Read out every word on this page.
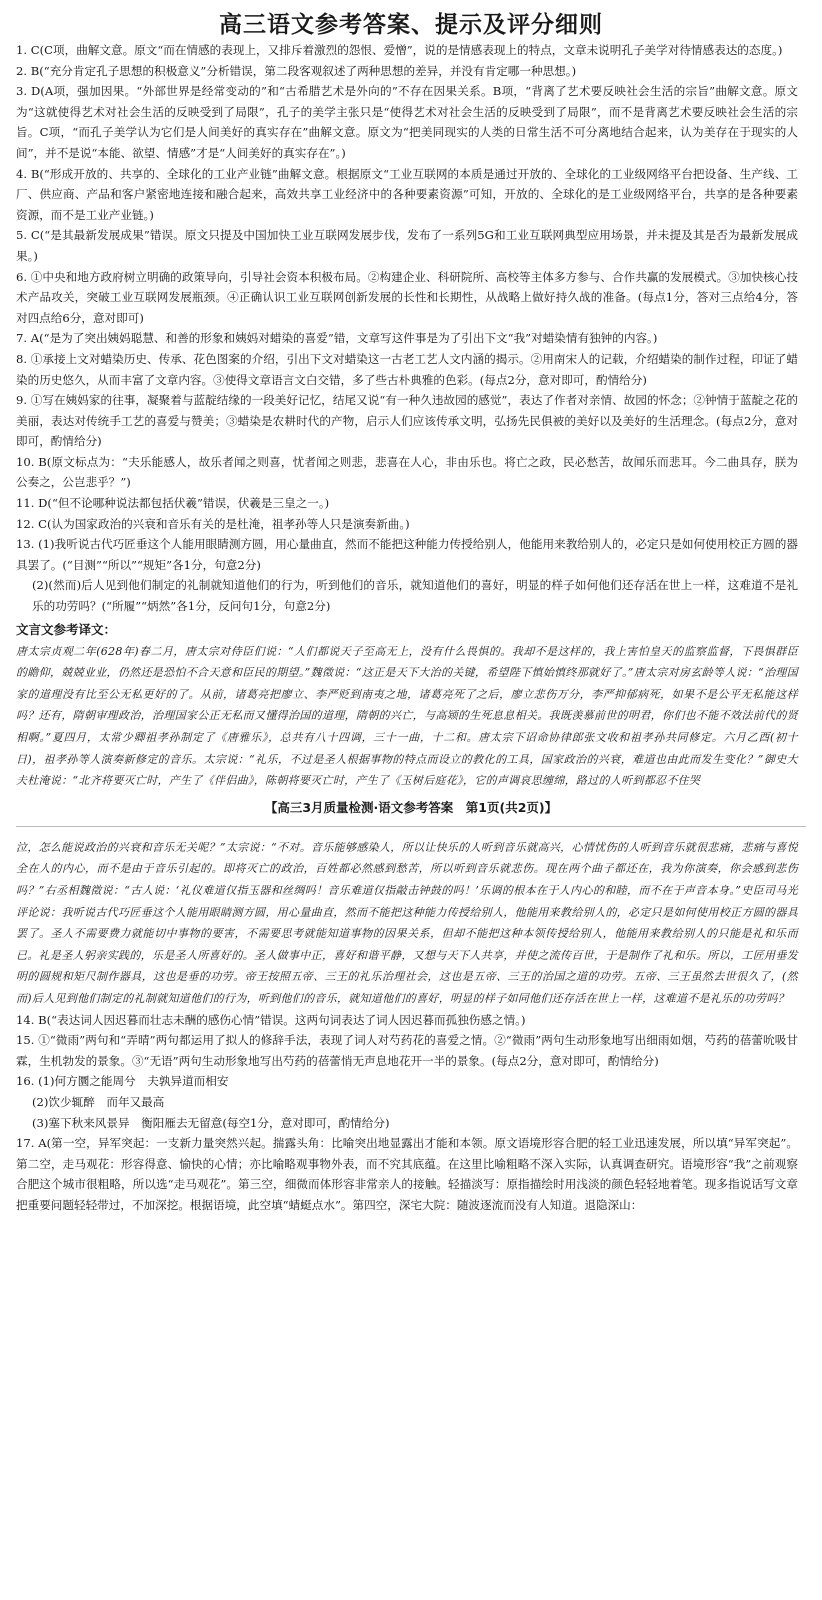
高三语文参考答案、提示及评分细则
1. C(C项，曲解文意。原文“而在情感的表现上，又排斥着激烈的怨恨、爱憎”，说的是情感表现上的特点，文章未说明孔子美学对待情感表达的态度。)
2. B(“充分肯定孔子思想的积极意义”分析错误，第二段客观叙述了两种思想的差异，并没有肯定哪一种思想。)
3. D(A项，强加因果。“外部世界是经常变动的”和“古希腊艺术是外向的”不存在因果关系。B项，“背离了艺术要反映社会生活的宗旨”曲解文意。原文为“这就使得艺术对社会生活的反映受到了局限”，孔子的美学主张只是“使得艺术对社会生活的反映受到了局限”，而不是背离艺术要反映社会生活的宗旨。C项，“而孔子美学认为它们是人间美好的真实存在”曲解文意。原文为“把美同现实的人类的日常生活不可分离地结合起来，认为美存在于现实的人间”，并不是说“本能、欲望、情感”才是“人间美好的真实存在”。)
4. B(“形成开放的、共享的、全球化的工业产业链”曲解文意。根据原文“工业互联网的本质是通过开放的、全球化的工业级网络平台把设备、生产线、工厂、供应商、产品和客户紧密地连接和融合起来，高效共享工业经济中的各种要素资源”可知，开放的、全球化的是工业级网络平台，共享的是各种要素资源，而不是工业产业链。)
5. C(“是其最新发展成果”错误。原文只提及中国加快工业互联网发展步伐，发布了一系列5G和工业互联网典型应用场景，并未提及其是否为最新发展成果。)
6. ①中央和地方政府树立明确的政策导向，引导社会资本积极布局。②构建企业、科研院所、高校等主体多方参与、合作共赢的发展模式。③加快核心技术产品攻关，突破工业互联网发展瓶颈。④正确认识工业互联网创新发展的长性和长期性，从战略上做好持久战的准备。(每点1分，答对三点给4分，答对四点给6分，意对即可)
7. A(“是为了突出姨妈聪慧、和善的形象和姨妈对蜡染的喜爱”错，文章写这件事是为了引出下文“我”对蜡染情有独钟的内容。)
8. ①承接上文对蜡染历史、传承、花色图案的介绍，引出下文对蜡染这一古老工艺人文内涵的揭示。②用南宋人的记载，介绍蜡染的制作过程，印证了蜡染的历史悠久，从而丰富了文章内容。③使得文章语言文白交错，多了些古朴典雅的色彩。(每点2分，意对即可，酌情给分)
9. ①写在姨妈家的往事，凝聚着与蓝靛结缘的一段美好记忆，结尾又说“有一种久违故园的感觉”，表达了作者对亲情、故园的怀念；②钟情于蓝靛之花的美丽，表达对传统手工艺的喜爱与赞美；③蜡染是农耕时代的产物，启示人们应该传承文明，弘扬先民俱被的美好以及美好的生活理念。(每点2分，意对即可，酌情给分)
10. B(原文标点为：“夫乐能感人，故乐者闻之则喜，忧者闻之则悲，悲喜在人心，非由乐也。将亡之政，民必愁苦，故闻乐而悲耳。今二曲具存，朕为公奏之，公岂悲乎？”)
11. D(“但不论哪种说法都包括伏羲”错误，伏羲是三皇之一。)
12. C(认为国家政治的兴衰和音乐有关的是杜淹，祖孝孙等人只是演奏新曲。)
13. (1)我听说古代巧匠垂这个人能用眼睛测方圆，用心量曲直，然而不能把这种能力传授给别人，他能用来教给别人的，必定只是如何使用校正方圆的器具罢了。(“目测”“所以”“规矩”各1分，句意2分)
(2)(然而)后人见到他们制定的礼制就知道他们的行为，听到他们的音乐，就知道他们的喜好，明显的样子如何他们还存活在世上一样，这难道不是礼乐的功劳吗？(“所履”“炳然”各1分，反问句1分，句意2分)
文言文参考译文：
唐太宗贞观二年(628年)春二月，唐太宗对侍臣们说：“人们都说天子至高无上，没有什么畏惧的。我却不是这样的，我上害怕皇天的监察监督，下畏惧群臣的瞻仰，兢兢业业，仍然还是恐怕不合天意和臣民的期望。”魏徵说：“这正是天下大治的关键，希望陛下慎始慎终那就好了。”唐太宗对房玄龄等人说：“治理国家的道理没有比至公无私更好的了。从前，诸葛亮把廖立、李严贬到南夷之地，诸葛亮死了之后，廖立悲伤万分，李严抑郁病死，如果不是公平无私能这样吗？还有，隋朝审理政治，治理国家公正无私而又懂得治国的道理，隋朝的兴亡，与高颎的生死息息相关。我既羡慕前世的明君，你们也不能不效法前代的贤相啊。”夏四月，太常少卿祖孝孙制定了《唐雅乐》，总共有八十四调，三十一曲，十二和。唐太宗下诏命协律郎张文收和祖孝孙共同修定。六月乙酉(初十日)，祖孝孙等人演奏新修定的音乐。太宗说：“礼乐，不过是圣人根据事物的特点而设立的教化的工具，国家政治的兴衰，难道也由此而发生变化？”御史大夫杜淹说：“北齐将要灭亡时，产生了《伴侣曲》，陈朝将要灭亡时，产生了《玉树后庭花》，它的声调哀思缠绵，路过的人听到都忍不住哭
【高三3月质量检测·语文参考答案　第1页(共2页)】
泣，怎么能说政治的兴衰和音乐无关呢？”太宗说：“不对。音乐能够感染人，所以让快乐的人听到音乐就高兴，心情忧伤的人听到音乐就很悲痛，悲痛与喜悦全在人的内心，而不是由于音乐引起的。即将灭亡的政治，百姓都必然感到愁苦，所以听到音乐就悲伤。现在两个曲子都还在，我为你演奏，你会感到悲伤吗？”右丞相魏徵说：“古人说：‘礼仪难道仅指玉器和丝绸吗！音乐难道仅指敲击钟鼓的吗！’乐调的根本在于人内心的和睦，而不在于声音本身。”史臣司马光评论说：我听说古代巧匠垂这个人能用眼睛测方圆，用心量曲直，然而不能把这种能力传授给别人，他能用来教给别人的，必定只是如何使用校正方圆的器具罢了。圣人不需要费力就能切中事物的要害，不需要思考就能知道事物的因果关系，但却不能把这种本领传授给别人，他能用来教给别人的只能是礼和乐而已。礼是圣人躬亲实践的，乐是圣人所喜好的。圣人做事中正，喜好和谐平静，又想与天下人共享，并使之流传百世，于是制作了礼和乐。所以，工匠用垂发明的圆规和矩尺制作器具，这也是垂的功劳。帝王按照五帝、三王的礼乐治理社会，这也是五帝、三王的治国之道的功劳。五帝、三王虽然去世很久了，(然而)后人见到他们制定的礼制就知道他们的行为，听到他们的音乐，就知道他们的喜好，明显的样子如同他们还存活在世上一样，这难道不是礼乐的功劳吗？
14. B(“表达词人因迟暮而壮志未酬的感伤心情”错误。这两句词表达了词人因迟暮而孤独伤感之情。)
15. ①“微雨”两句和“弄晴”两句都运用了拟人的修辞手法，表现了词人对芍药花的喜爱之情。②“微雨”两句生动形象地写出细雨如烟，芍药的蓓蕾吮吸甘霖，生机勃发的景象。③“无语”两句生动形象地写出芍药的蓓蕾悄无声息地花开一半的景象。(每点2分，意对即可，酌情给分)
16. (1)何方圜之能周兮　夫孰异道而相安
(2)饮少辄醉　而年又最高
(3)塞下秋来风景异　衡阳雁去无留意(每空1分，意对即可，酌情给分)
17. A(第一空，异军突起：一支新力量突然兴起。揣露头角：比喻突出地显露出才能和本领。原文语境形容合肥的轻工业迅速发展，所以填“异军突起”。第二空，走马观花：形容得意、愉快的心情；亦比喻略观事物外表，而不究其底蕴。在这里比喻粗略不深入实际，认真调查研究。语境形容“我”之前观察合肥这个城市很粗略，所以选“走马观花”。第三空，细微而体形容非常亲人的接触。轻描淡写：原指描绘时用浅淡的颜色轻轻地着笔。现多指说话写文章把重要问题轻轻带过，不加深挖。根据语境，此空填“蜻蜓点水”。第四空，深宅大院：随波逐流而没有人知道。退隐深山：
